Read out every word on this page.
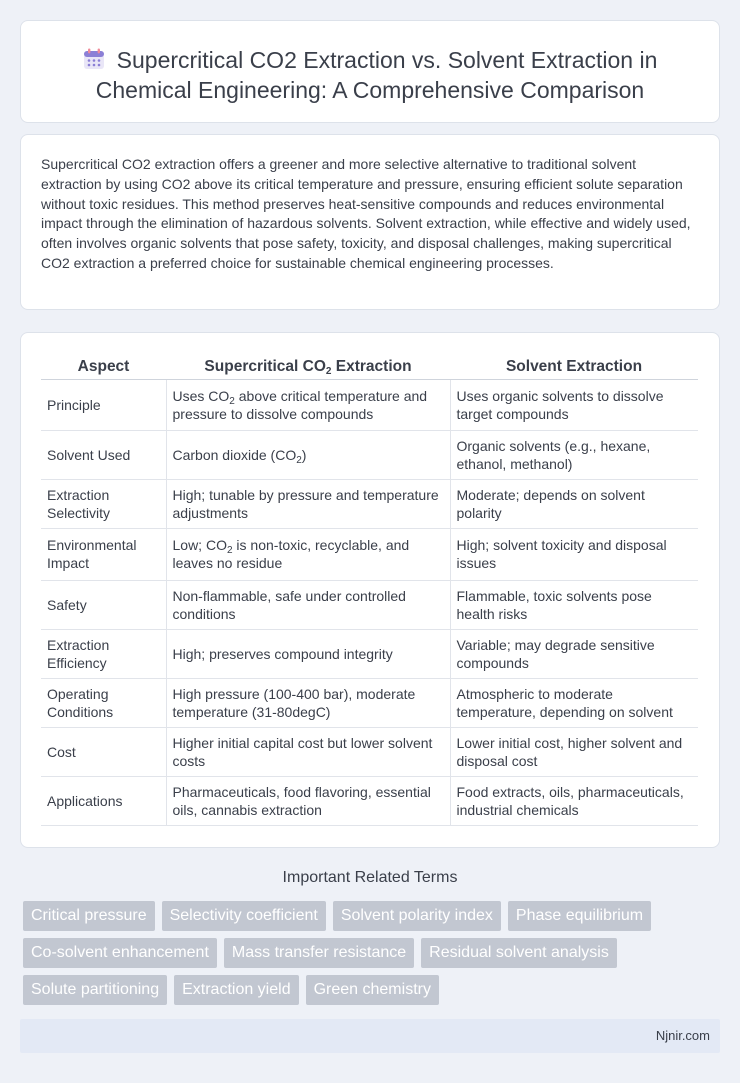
Supercritical CO2 Extraction vs. Solvent Extraction in Chemical Engineering: A Comprehensive Comparison

Supercritical CO2 extraction offers a greener and more selective alternative to traditional solvent extraction by using CO2 above its critical temperature and pressure, ensuring efficient solute separation without toxic residues. This method preserves heat-sensitive compounds and reduces environmental impact through the elimination of hazardous solvents. Solvent extraction, while effective and widely used, often involves organic solvents that pose safety, toxicity, and disposal challenges, making supercritical CO2 extraction a preferred choice for sustainable chemical engineering processes.

Aspect	Supercritical $CO_2$ Extraction	Solvent Extraction
Principle	Uses $CO_2$ above critical temperature and pressure to dissolve compounds	Uses organic solvents to dissolve target compounds
Solvent Used	Carbon dioxide $(CO_2)$	Organic solvents (e.g., hexane, ethanol, methanol)
Extraction Selectivity	High; tunable by pressure and temperature adjustments	Moderate; depends on solvent polarity
Environmental Impact	Low; $CO_2$ is non-toxic, recyclable, and leaves no residue	High; solvent toxicity and disposal issues
Safety	Non-flammable, safe under controlled conditions	Flammable, toxic solvents pose health risks
Extraction Efficiency	High; preserves compound integrity	Variable; may degrade sensitive compounds
Operating Conditions	High pressure (100-400 bar), moderate temperature (31-80degC)	Atmospheric to moderate temperature, depending on solvent
Cost	Higher initial capital cost but lower solvent costs	Lower initial cost, higher solvent and disposal cost
Applications	Pharmaceuticals, food flavoring, essential oils, cannabis extraction	Food extracts, oils, pharmaceuticals, industrial chemicals
Important Related Terms
Critical pressure	Selectivity coefficient	Solvent polarity index	Phase equilibrium
Co-solvent enhancement	Mass transfer resistance	Residual solvent analysis
Solute partitioning	Extraction yield	Green chemistry
Njnir.com
